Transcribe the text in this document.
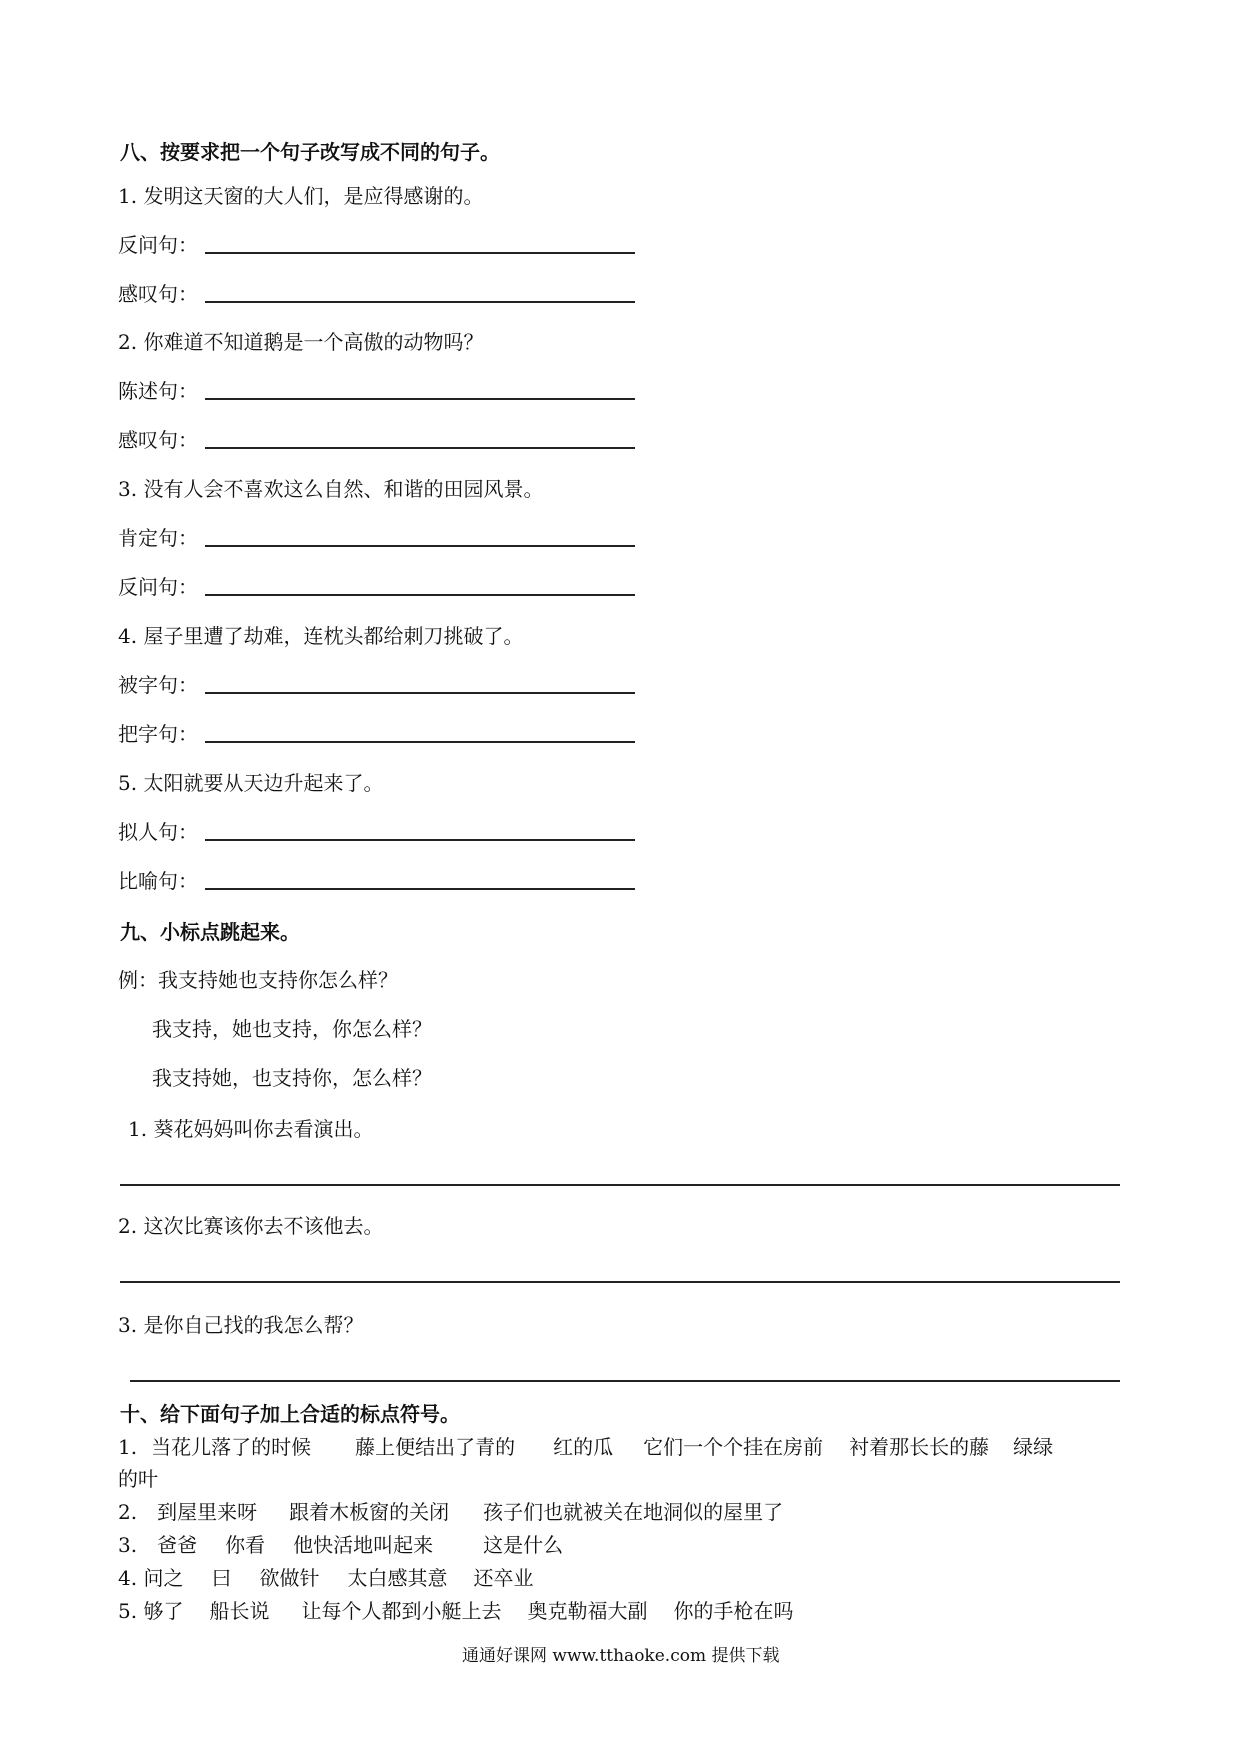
八、按要求把一个句子改写成不同的句子。
1. 发明这天窗的大人们，是应得感谢的。
反问句：
感叹句：
2. 你难道不知道鹅是一个高傲的动物吗？
陈述句：
感叹句：
3. 没有人会不喜欢这么自然、和谐的田园风景。
肯定句：
反问句：
4. 屋子里遭了劫难，连枕头都给刺刀挑破了。
被字句：
把字句：
5. 太阳就要从天边升起来了。
拟人句：
比喻句：
九、小标点跳起来。
例：我支持她也支持你怎么样？
我支持，她也支持，你怎么样？
我支持她，也支持你，怎么样？
1. 葵花妈妈叫你去看演出。
2. 这次比赛该你去不该他去。
3. 是你自己找的我怎么帮？
十、给下面句子加上合适的标点符号。
1. 当花儿落了的时候 藤上便结出了青的 红的瓜 它们一个个挂在房前 衬着那长长的藤 绿绿
的叶
2. 到屋里来呀 跟着木板窗的关闭 孩子们也就被关在地洞似的屋里了
3. 爸爸 你看 他快活地叫起来	这是什么
4. 问之 曰 欲做针 太白感其意 还卒业
5. 够了 船长说 让每个人都到小艇上去 奥克勒福大副 你的手枪在吗
通通好课网 www.tthaoke.com 提供下载
